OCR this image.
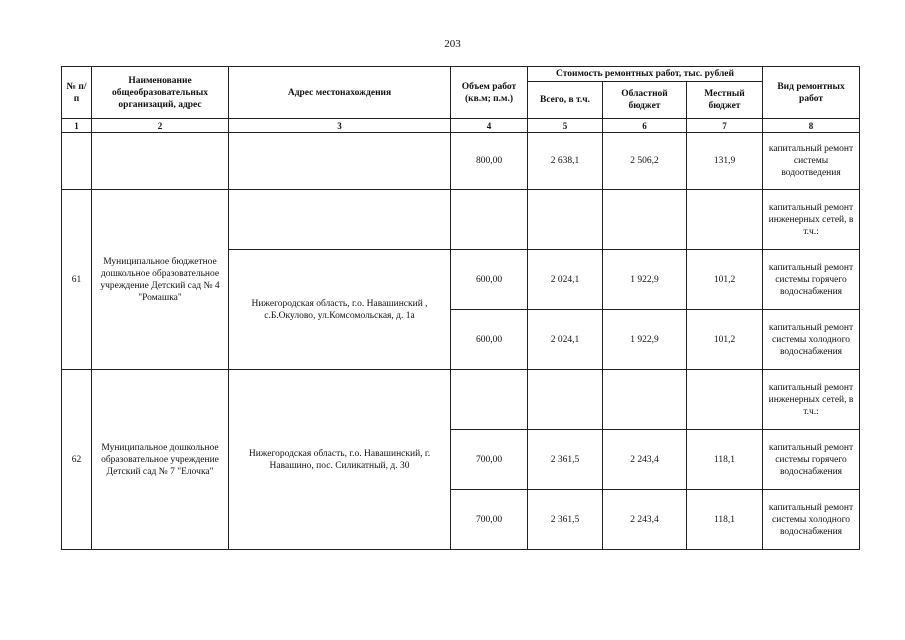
203
№ п/п	Наименование общеобразовательных организаций, адрес	Адрес местонахождения	Объем работ (кв.м; п.м.)	Стоимость ремонтных работ, тыс. рублей			Вид ремонтных работ
				Всего, в т.ч.	Областной бюджет	Местный бюджет	
1	2	3	4	5	6	7	8
			800,00	2 638,1	2 506,2	131,9	капитальный ремонт системы водоотведения
61	Муниципальное бюджетное дошкольное образовательное учреждение Детский сад № 4 "Ромашка"						капитальный ремонт инженерных сетей, в т.ч.:
		Нижегородская область, г.о. Навашинский , с.Б.Окулово, ул.Комсомольская, д. 1а	600,00	2 024,1	1 922,9	101,2	капитальный ремонт системы горячего водоснабжения
			600,00	2 024,1	1 922,9	101,2	капитальный ремонт системы холодного водоснабжения
62	Муниципальное дошкольное образовательное учреждение Детский сад № 7 "Елочка"	Нижегородская область, г.о. Навашинский, г. Навашино, пос. Силикатный, д. 30					капитальный ремонт инженерных сетей, в т.ч.:
			700,00	2 361,5	2 243,4	118,1	капитальный ремонт системы горячего водоснабжения
			700,00	2 361,5	2 243,4	118,1	капитальный ремонт системы холодного водоснабжения
